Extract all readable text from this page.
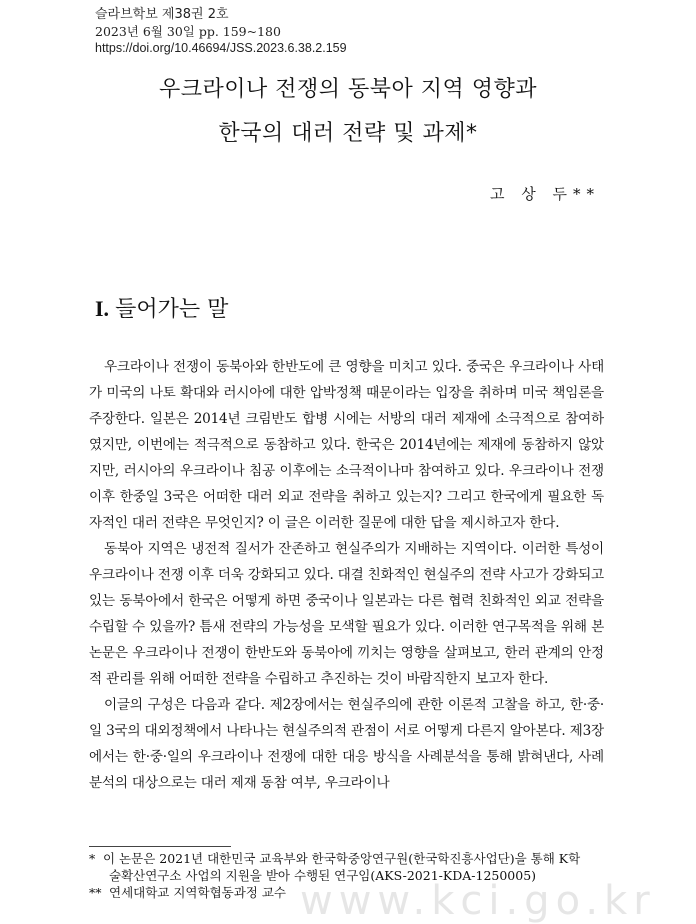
슬라브학보 제38권 2호
2023년 6월 30일 pp. 159~180
https://doi.org/10.46694/JSS.2023.6.38.2.159
우크라이나 전쟁의 동북아 지역 영향과
한국의 대러 전략 및 과제*
고 상 두**
I. 들어가는 말

우크라이나 전쟁이 동북아와 한반도에 큰 영향을 미치고 있다. 중국은 우크라이나 사태가 미국의 나토 확대와 러시아에 대한 압박정책 때문이라는 입장을 취하며 미국 책임론을 주장한다. 일본은 2014년 크림반도 합병 시에는 서방의 대러 제재에 소극적으로 참여하였지만, 이번에는 적극적으로 동참하고 있다. 한국은 2014년에는 제재에 동참하지 않았지만, 러시아의 우크라이나 침공 이후에는 소극적이나마 참여하고 있다. 우크라이나 전쟁 이후 한중일 3국은 어떠한 대러 외교 전략을 취하고 있는지? 그리고 한국에게 필요한 독자적인 대러 전략은 무엇인지? 이 글은 이러한 질문에 대한 답을 제시하고자 한다.

동북아 지역은 냉전적 질서가 잔존하고 현실주의가 지배하는 지역이다. 이러한 특성이 우크라이나 전쟁 이후 더욱 강화되고 있다. 대결 친화적인 현실주의 전략 사고가 강화되고 있는 동북아에서 한국은 어떻게 하면 중국이나 일본과는 다른 협력 친화적인 외교 전략을 수립할 수 있을까? 틈새 전략의 가능성을 모색할 필요가 있다. 이러한 연구목적을 위해 본 논문은 우크라이나 전쟁이 한반도와 동북아에 끼치는 영향을 살펴보고, 한러 관계의 안정적 관리를 위해 어떠한 전략을 수립하고 추진하는 것이 바람직한지 보고자 한다.

이글의 구성은 다음과 같다. 제2장에서는 현실주의에 관한 이론적 고찰을 하고, 한·중·일 3국의 대외정책에서 나타나는 현실주의적 관점이 서로 어떻게 다른지 알아본다. 제3장에서는 한·중·일의 우크라이나 전쟁에 대한 대응 방식을 사례분석을 통해 밝혀낸다, 사례분석의 대상으로는 대러 제재 동참 여부, 우크라이나

www.kci.go.kr
* 이 논문은 2021년 대한민국 교육부와 한국학중앙연구원(한국학진흥사업단)을 통해 K학
술확산연구소 사업의 지원을 받아 수행된 연구임(AKS-2021-KDA-1250005)
** 연세대학교 지역학협동과정 교수
